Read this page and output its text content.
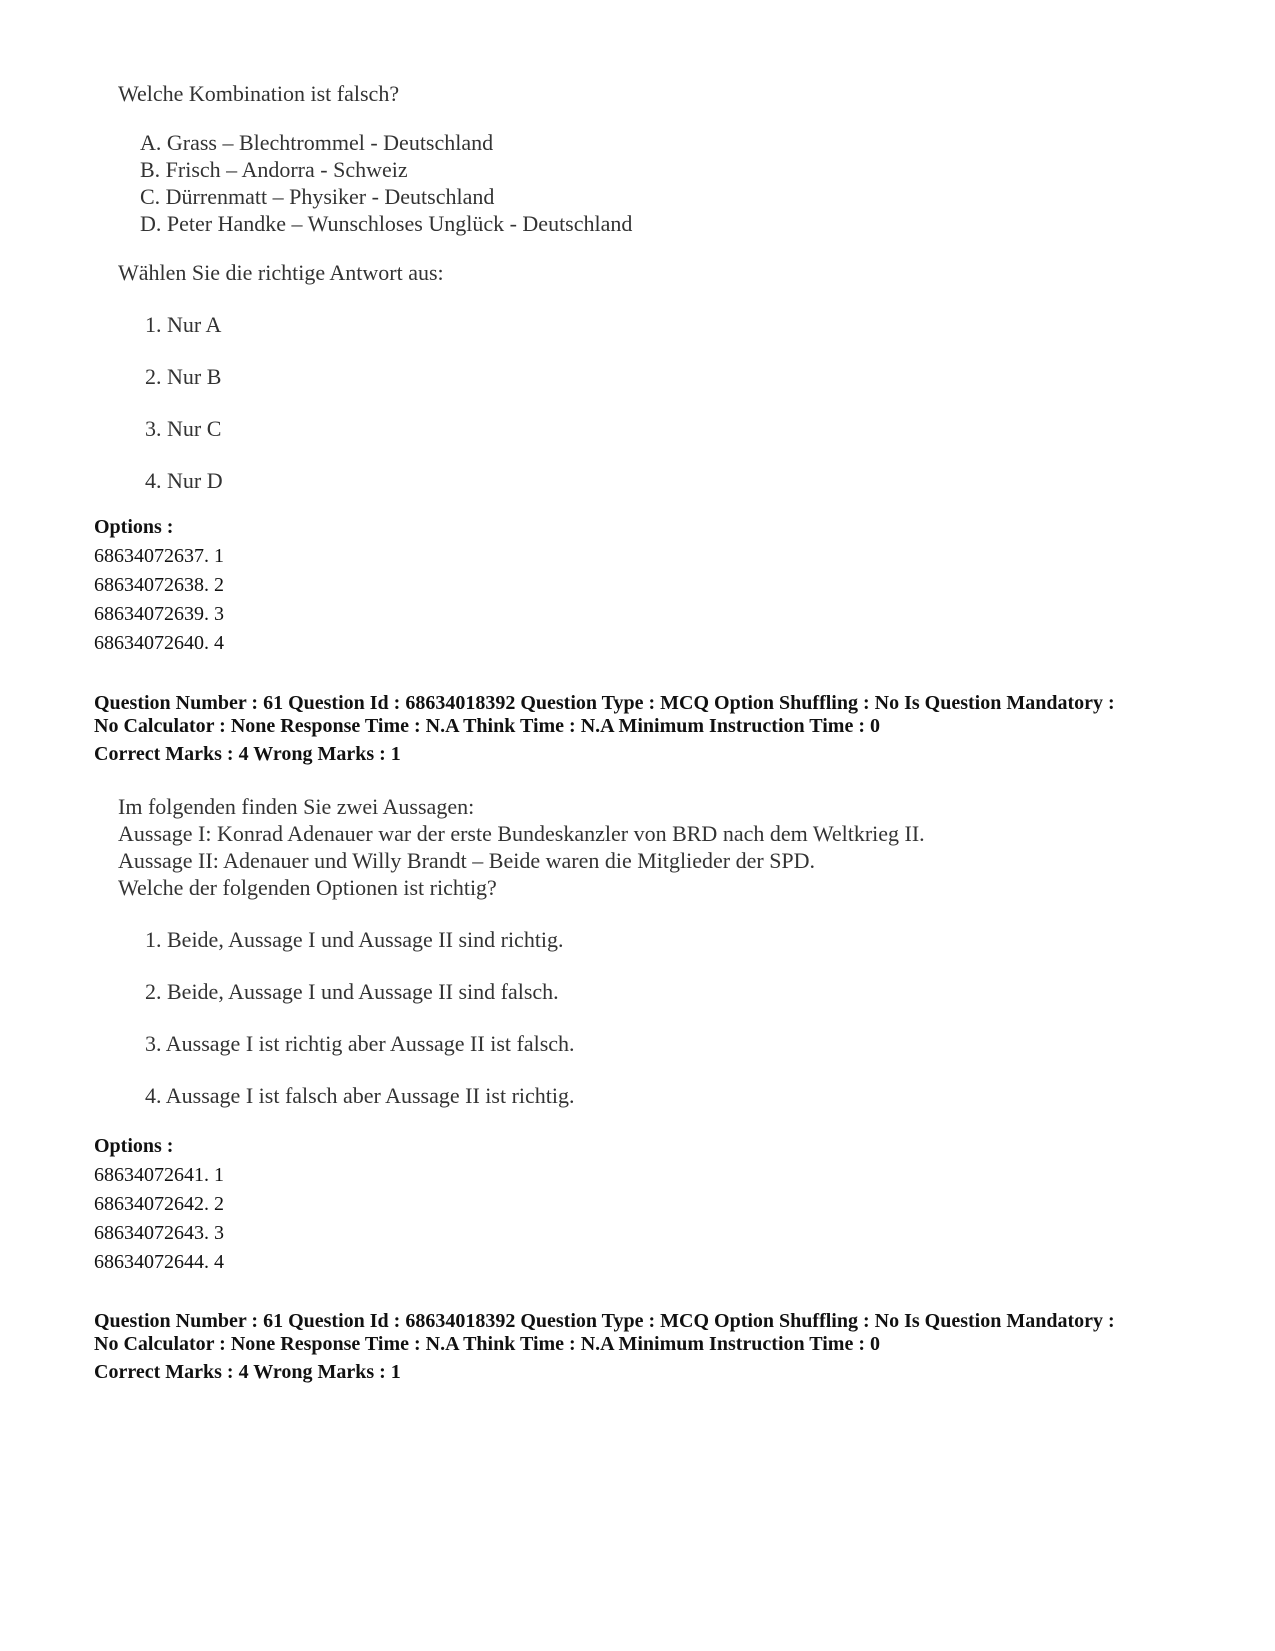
Welche Kombination ist falsch?
A. Grass – Blechtrommel - Deutschland
B. Frisch – Andorra - Schweiz
C. Dürrenmatt – Physiker - Deutschland
D. Peter Handke – Wunschloses Unglück - Deutschland
Wählen Sie die richtige Antwort aus:
1. Nur A
2. Nur B
3. Nur C
4. Nur D
Options :
68634072637. 1
68634072638. 2
68634072639. 3
68634072640. 4
Question Number : 61 Question Id : 68634018392 Question Type : MCQ Option Shuffling : No Is Question Mandatory :
No Calculator : None Response Time : N.A Think Time : N.A Minimum Instruction Time : 0
Correct Marks : 4 Wrong Marks : 1
Im folgenden finden Sie zwei Aussagen:
Aussage I: Konrad Adenauer war der erste Bundeskanzler von BRD nach dem Weltkrieg II.
Aussage II: Adenauer und Willy Brandt – Beide waren die Mitglieder der SPD.
Welche der folgenden Optionen ist richtig?
1. Beide, Aussage I und Aussage II sind richtig.
2. Beide, Aussage I und Aussage II sind falsch.
3. Aussage I ist richtig aber Aussage II ist falsch.
4. Aussage I ist falsch aber Aussage II ist richtig.
Options :
68634072641. 1
68634072642. 2
68634072643. 3
68634072644. 4
Question Number : 61 Question Id : 68634018392 Question Type : MCQ Option Shuffling : No Is Question Mandatory :
No Calculator : None Response Time : N.A Think Time : N.A Minimum Instruction Time : 0
Correct Marks : 4 Wrong Marks : 1
